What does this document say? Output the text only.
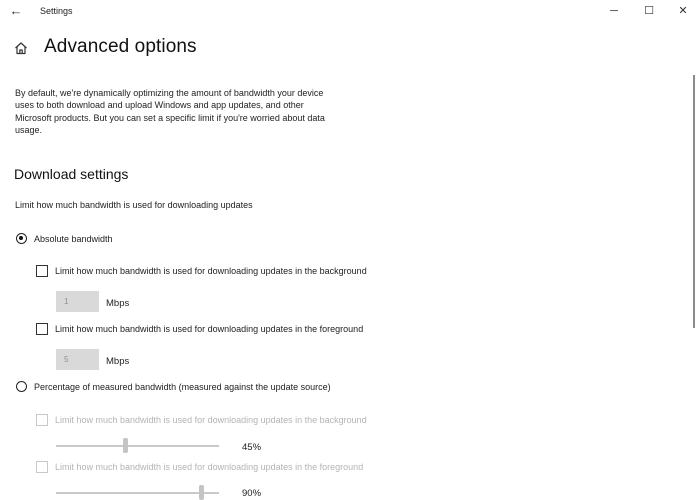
←	Settings	─	☐	✕
Advanced options
By default, we're dynamically optimizing the amount of bandwidth your device uses to both download and upload Windows and app updates, and other Microsoft products. But you can set a specific limit if you're worried about data usage.
Download settings
Limit how much bandwidth is used for downloading updates
Absolute bandwidth
Limit how much bandwidth is used for downloading updates in the background
1	Mbps
Limit how much bandwidth is used for downloading updates in the foreground
5	Mbps
Percentage of measured bandwidth (measured against the update source)
Limit how much bandwidth is used for downloading updates in the background
45%
Limit how much bandwidth is used for downloading updates in the foreground
90%
